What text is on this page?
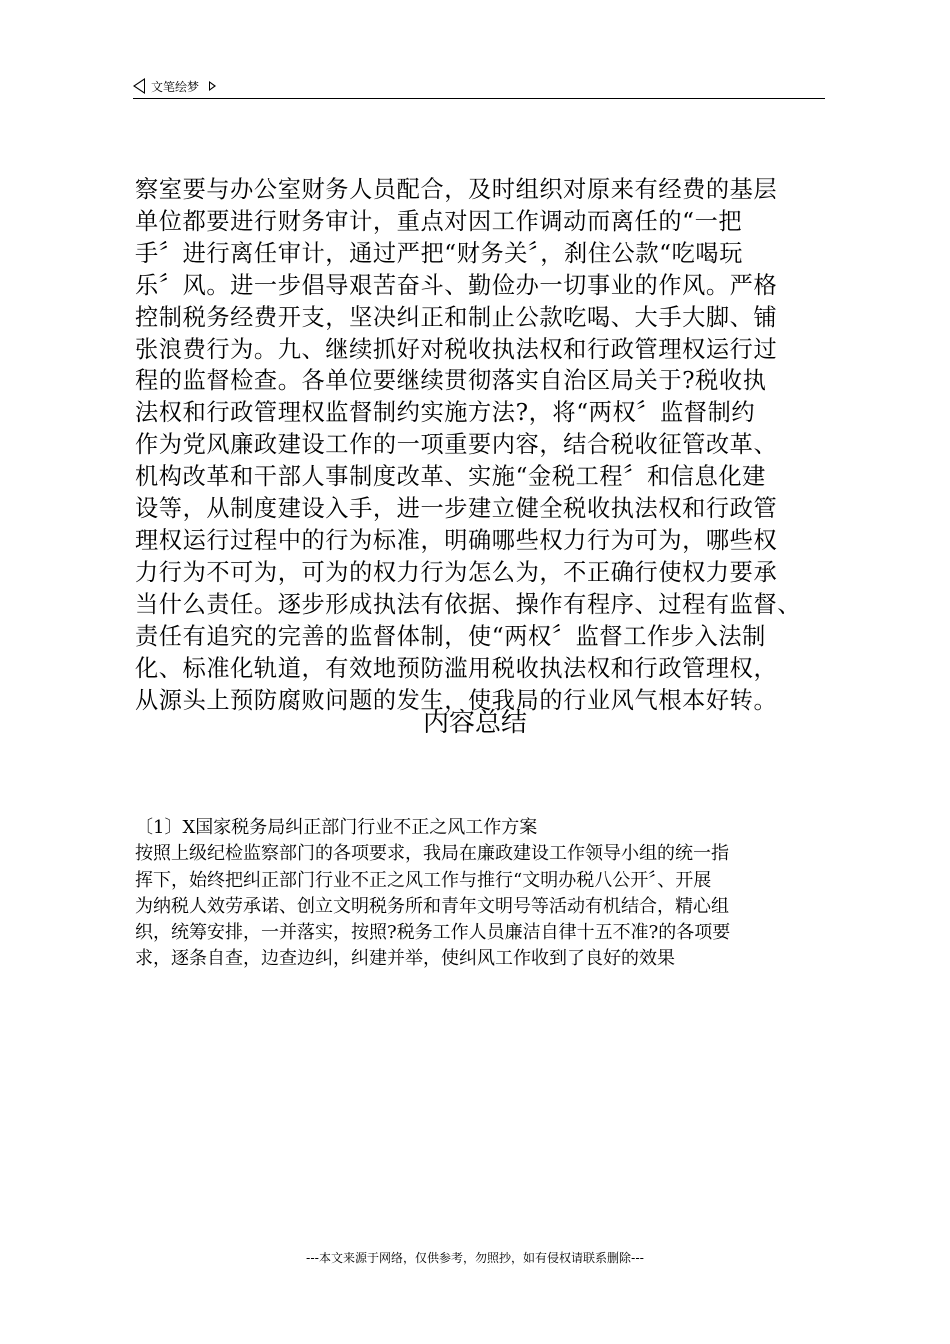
文笔绘梦
察室要与办公室财务人员配合，及时组织对原来有经费的基层
单位都要进行财务审计，重点对因工作调动而离任的“一把
手〞进行离任审计，通过严把“财务关〞，刹住公款“吃喝玩
乐〞风。进一步倡导艰苦奋斗、勤俭办一切事业的作风。严格
控制税务经费开支，坚决纠正和制止公款吃喝、大手大脚、铺
张浪费行为。九、继续抓好对税收执法权和行政管理权运行过
程的监督检查。各单位要继续贯彻落实自治区局关于?税收执
法权和行政管理权监督制约实施方法?，将“两权〞监督制约
作为党风廉政建设工作的一项重要内容，结合税收征管改革、
机构改革和干部人事制度改革、实施“金税工程〞和信息化建
设等，从制度建设入手，进一步建立健全税收执法权和行政管
理权运行过程中的行为标准，明确哪些权力行为可为，哪些权
力行为不可为，可为的权力行为怎么为，不正确行使权力要承
当什么责任。逐步形成执法有依据、操作有程序、过程有监督、
责任有追究的完善的监督体制，使“两权〞监督工作步入法制
化、标准化轨道，有效地预防滥用税收执法权和行政管理权，
从源头上预防腐败问题的发生，使我局的行业风气根本好转。
内容总结
〔1〕X国家税务局纠正部门行业不正之风工作方案
按照上级纪检监察部门的各项要求，我局在廉政建设工作领导小组的统一指
挥下，始终把纠正部门行业不正之风工作与推行“文明办税八公开〞、开展
为纳税人效劳承诺、创立文明税务所和青年文明号等活动有机结合，精心组
织，统筹安排，一并落实，按照?税务工作人员廉洁自律十五不准?的各项要
求，逐条自查，边查边纠，纠建并举，使纠风工作收到了良好的效果
---本文来源于网络，仅供参考，勿照抄，如有侵权请联系删除---
